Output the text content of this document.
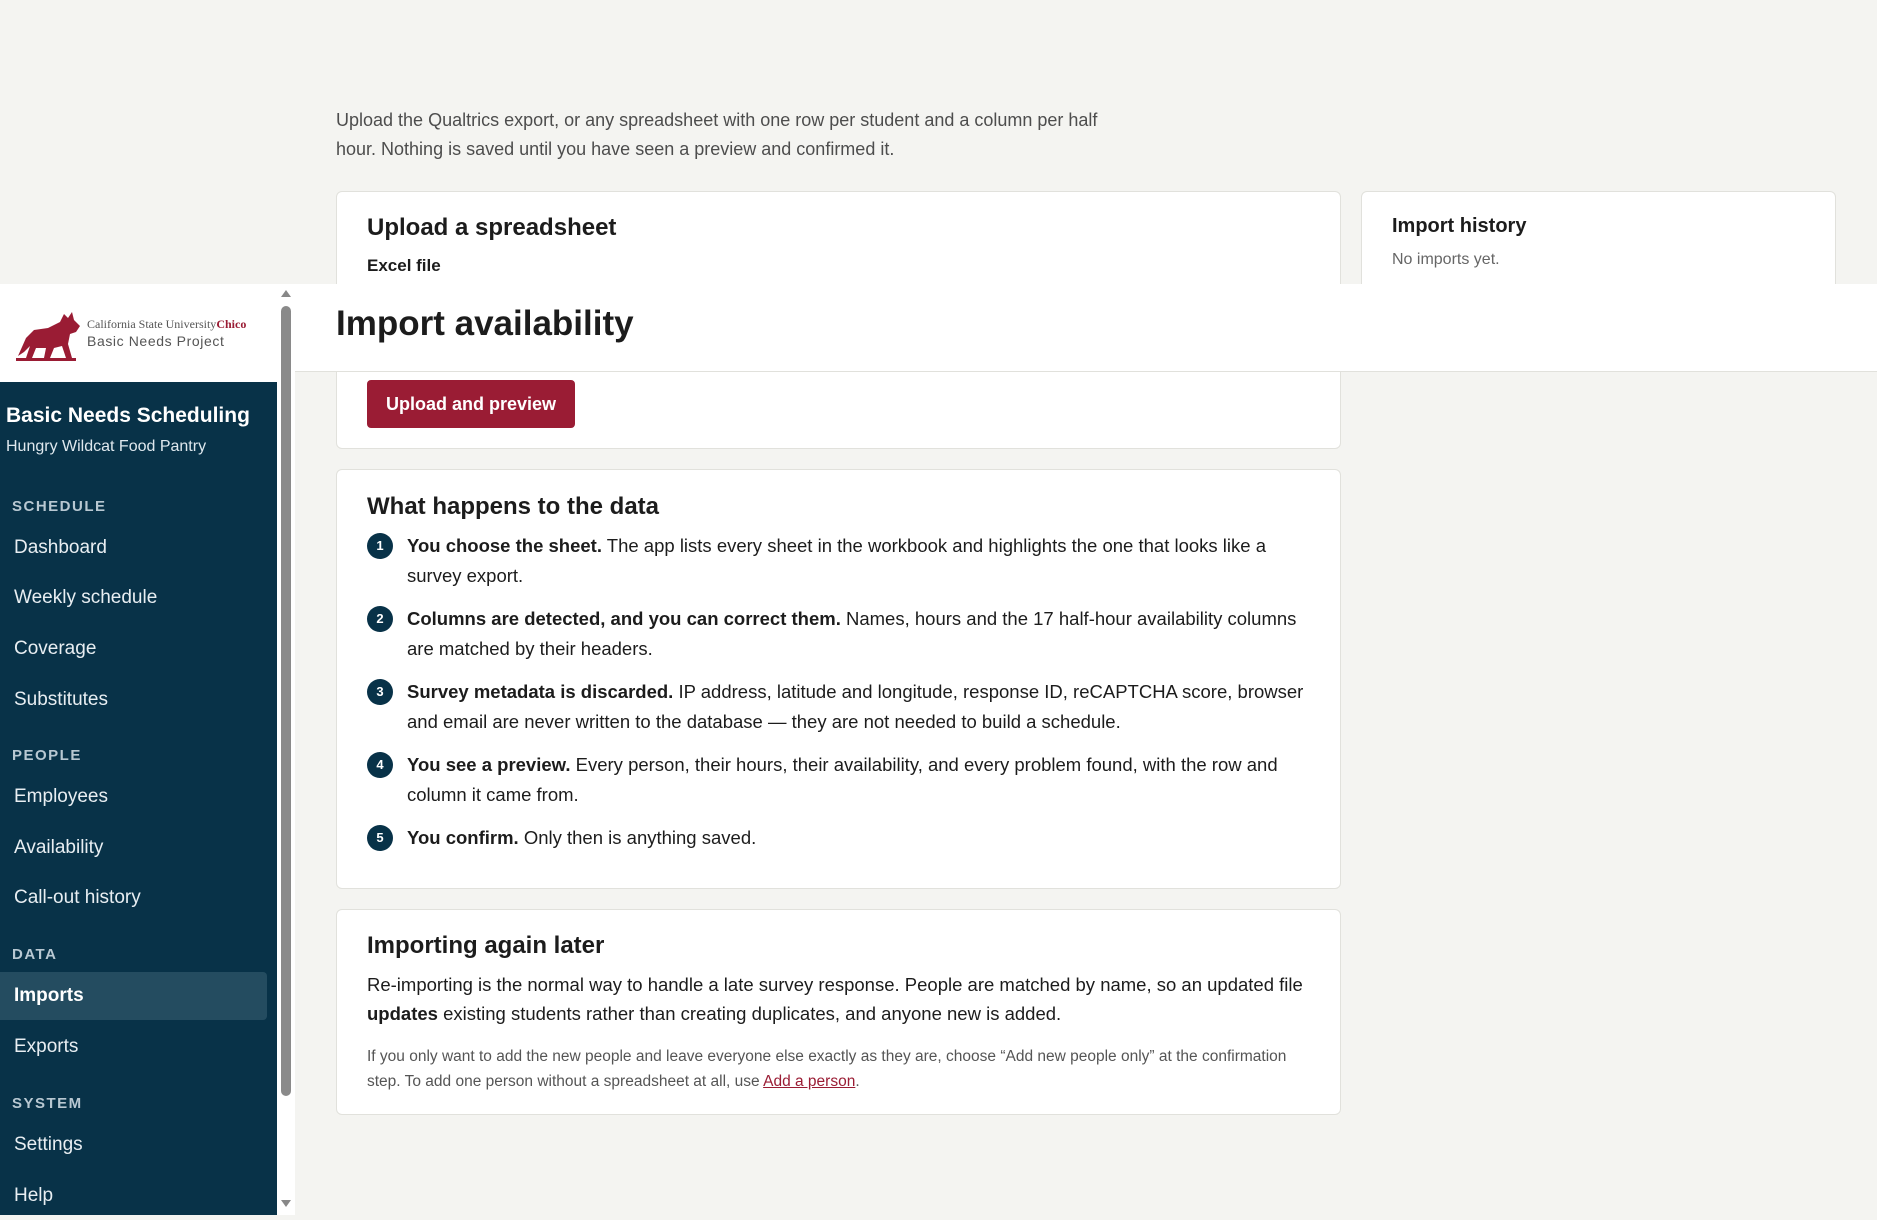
Upload the Qualtrics export, or any spreadsheet with one row per student and a column per half hour. Nothing is saved until you have seen a preview and confirmed it.
Upload a spreadsheet
Excel file
Upload and preview
Import history
No imports yet.
What happens to the data
1	You choose the sheet. The app lists every sheet in the workbook and highlights the one that looks like a survey export.
2	Columns are detected, and you can correct them. Names, hours and the 17 half-hour availability columns are matched by their headers.
3	Survey metadata is discarded. IP address, latitude and longitude, response ID, reCAPTCHA score, browser and email are never written to the database — they are not needed to build a schedule.
4	You see a preview. Every person, their hours, their availability, and every problem found, with the row and column it came from.
5	You confirm. Only then is anything saved.
Importing again later
Re-importing is the normal way to handle a late survey response. People are matched by name, so an updated file updates existing students rather than creating duplicates, and anyone new is added.
If you only want to add the new people and leave everyone else exactly as they are, choose “Add new people only” at the confirmation step. To add one person without a spreadsheet at all, use Add a person.
Import availability
California State UniversityChico
Basic Needs Project
Basic Needs Scheduling
Hungry Wildcat Food Pantry
SCHEDULE
Dashboard
Weekly schedule
Coverage
Substitutes
PEOPLE
Employees
Availability
Call-out history
DATA
Imports
Exports
SYSTEM
Settings
Help
